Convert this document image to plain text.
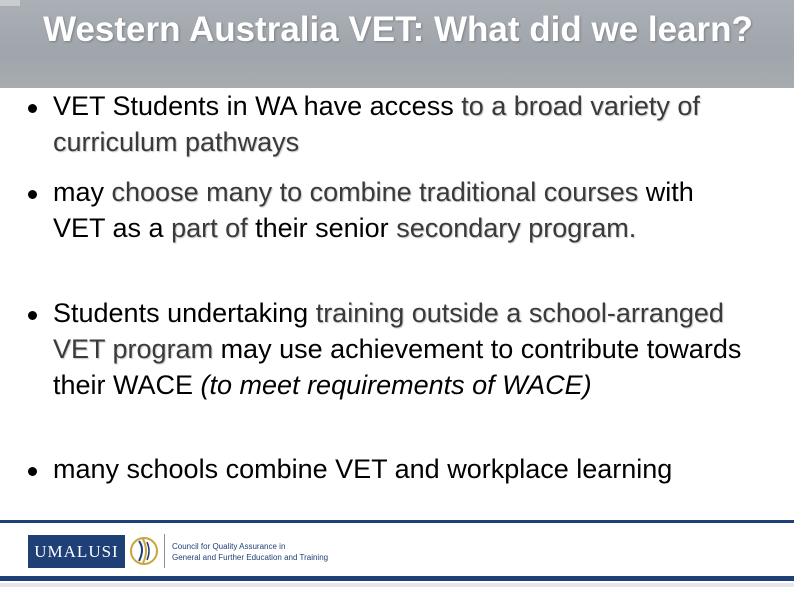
Western Australia VET: What did we learn?
VET Students in WA have access to a broad variety of curriculum pathways
may choose many to combine traditional courses with VET as a part of their senior secondary program.
Students undertaking training outside a school-arranged VET program may use achievement to contribute towards their WACE (to meet requirements of WACE)
many schools combine VET and workplace learning
UMALUSI	Council for Quality Assurance in
General and Further Education and Training
